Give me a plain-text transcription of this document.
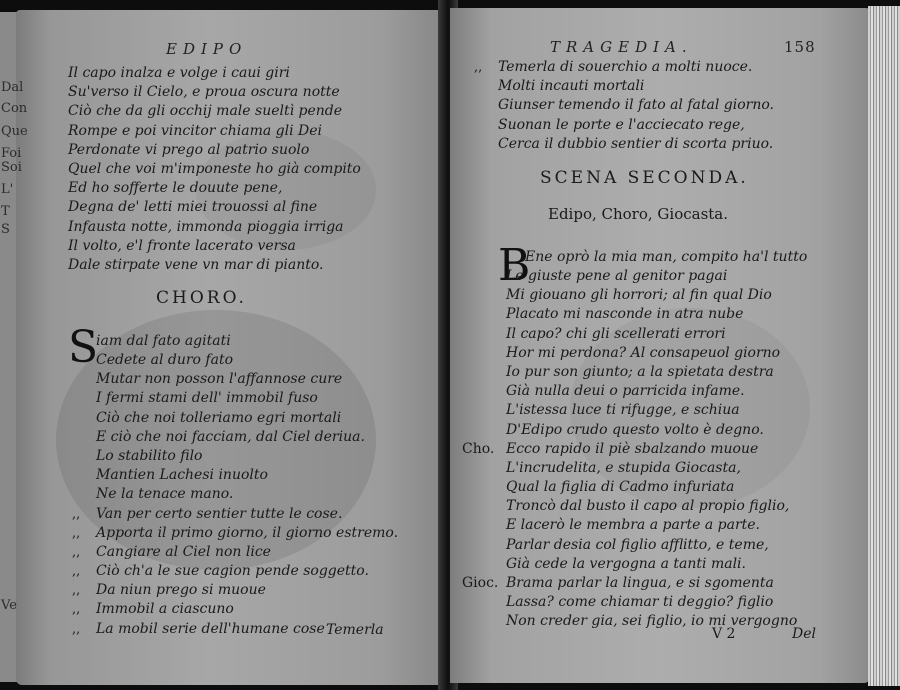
EDIPO
Il capo inalza e volge i caui giri
Su'verso il Cielo, e proua oscura notte
Ciò che da gli occhij male sueltì pende
Rompe e poi vincitor chiama gli Dei
Perdonate vi prego al patrio suolo
Quel che voi m'imponeste ho già compito
Ed ho sofferte le douute pene,
Degna de' letti miei trouossi al fine
Infausta notte, immonda pioggia irriga
Il volto, e'l fronte lacerato versa
Dale stirpate vene vn mar di pianto.
CHORO.
S
iam dal fato agitati
Cedete al duro fato
Mutar non posson l'affannose cure
I fermi stami dell' immobil fuso
Ciò che noi tolleriamo egri mortali
E ciò che noi facciam, dal Ciel deriua.
Lo stabilito filo
Mantien Lachesi inuolto
Ne la tenace mano.
,, Van per certo sentier tutte le cose.
,, Apporta il primo giorno, il giorno estremo.
,, Cangiare al Ciel non lice
,, Ciò ch'a le sue cagion pende soggetto.
,, Da niun prego si muoue
,, Immobil a ciascuno
,, La mobil serie dell'humane cose Temerla
TRAGEDIA.	158
,, Temerla di souerchio a molti nuoce.
Molti incauti mortali
Giunser temendo il fato al fatal giorno.
Suonan le porte e l'acciecato rege,
Cerca il dubbio sentier di scorta priuo.
SCENA SECONDA.
Edipo, Choro, Giocasta.
B
Ene oprò la mia man, compito ha'l tutto
Le giuste pene al genitor pagai
Mi giouano gli horrori; al fin qual Dio
Placato mi nasconde in atra nube
Il capo? chi gli scellerati errori
Hor mi perdona? Al consapeuol giorno
Io pur son giunto; a la spietata destra
Già nulla deui o parricida infame.
L'istessa luce ti rifugge, e schiua
D'Edipo crudo questo volto è degno.
Cho. Ecco rapido il piè sbalzando muoue
L'incrudelita, e stupida Giocasta,
Qual la figlia di Cadmo infuriata
Troncò dal busto il capo al propio figlio,
E lacerò le membra a parte a parte.
Parlar desia col figlio afflitto, e teme,
Già cede la vergogna a tanti mali.
Gioc. Brama parlar la lingua, e si sgomenta
Lassa? come chiamar ti deggio? figlio
Non creder gia, sei figlio, io mi vergogno
V 2	Del
Dal
Con
Que
Foi
Soi
L'
T
S
Ve
